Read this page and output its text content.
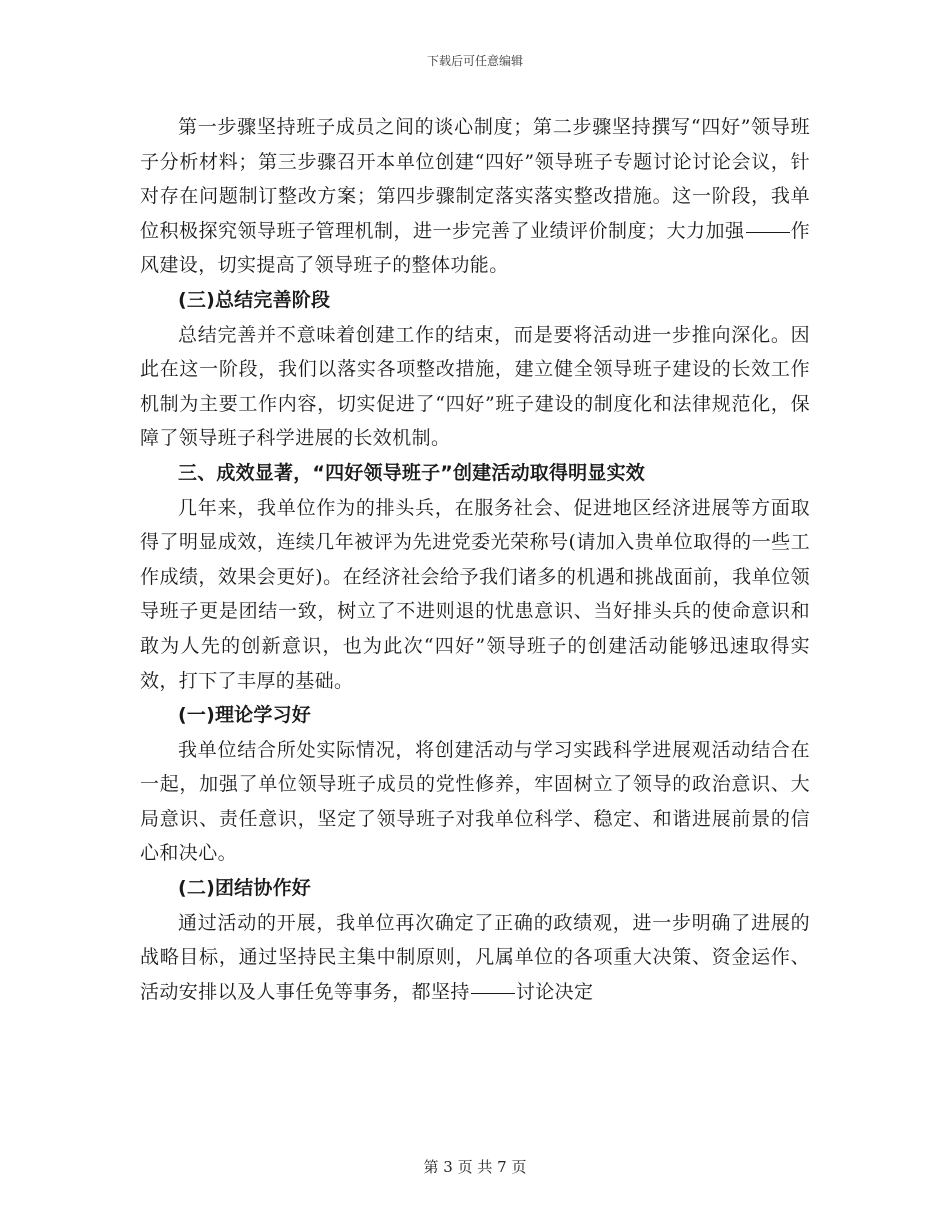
下载后可任意编辑

第一步骤坚持班子成员之间的谈心制度；第二步骤坚持撰写“四好”领导班子分析材料；第三步骤召开本单位创建“四好”领导班子专题讨论讨论会议，针对存在问题制订整改方案；第四步骤制定落实落实整改措施。这一阶段，我单位积极探究领导班子管理机制，进一步完善了业绩评价制度；大力加强 作风建设，切实提高了领导班子的整体功能。

(三)总结完善阶段

总结完善并不意味着创建工作的结束，而是要将活动进一步推向深化。因此在这一阶段，我们以落实各项整改措施，建立健全领导班子建设的长效工作机制为主要工作内容，切实促进了“四好”班子建设的制度化和法律规范化，保障了领导班子科学进展的长效机制。

三、成效显著，“四好领导班子”创建活动取得明显实效

几年来，我单位作为的排头兵，在服务社会、促进地区经济进展等方面取得了明显成效，连续几年被评为先进党委光荣称号(请加入贵单位取得的一些工作成绩，效果会更好)。在经济社会给予我们诸多的机遇和挑战面前，我单位领导班子更是团结一致，树立了不进则退的忧患意识、当好排头兵的使命意识和敢为人先的创新意识，也为此次“四好”领导班子的创建活动能够迅速取得实效，打下了丰厚的基础。

(一)理论学习好

我单位结合所处实际情况，将创建活动与学习实践科学进展观活动结合在一起，加强了单位领导班子成员的党性修养，牢固树立了领导的政治意识、大局意识、责任意识，坚定了领导班子对我单位科学、稳定、和谐进展前景的信心和决心。

(二)团结协作好

通过活动的开展，我单位再次确定了正确的政绩观，进一步明确了进展的战略目标，通过坚持民主集中制原则，凡属单位的各项重大决策、资金运作、活动安排以及人事任免等事务，都坚持 讨论决定

第 3 页 共 7 页
